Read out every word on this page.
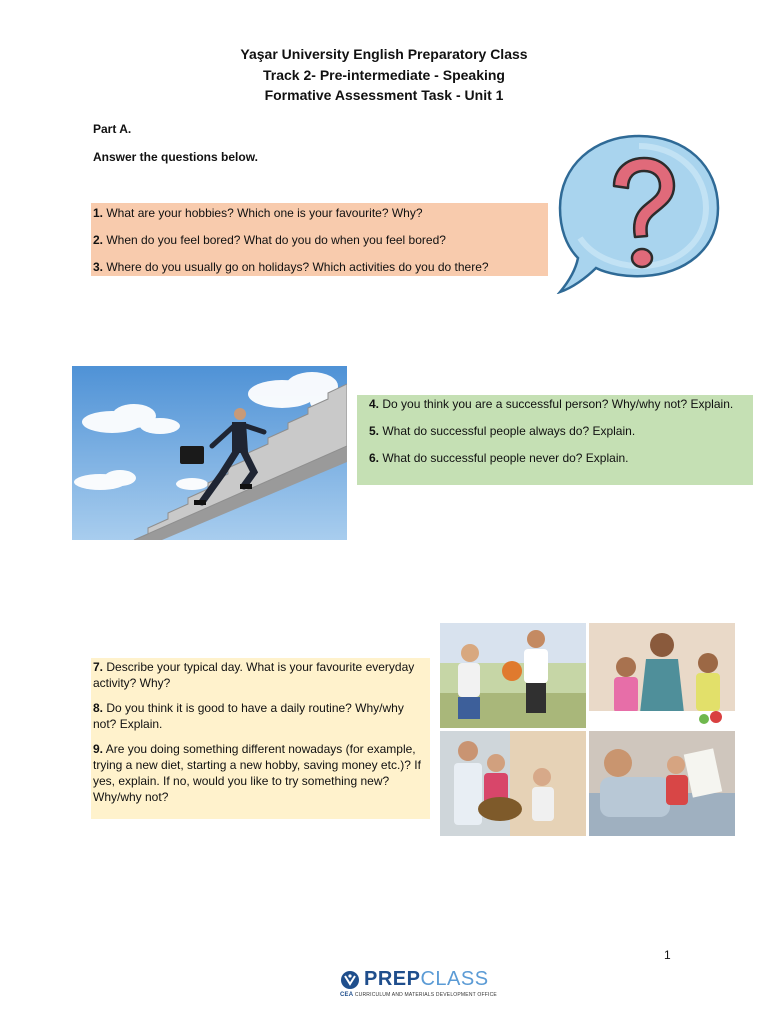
Yaşar University English Preparatory Class
Track 2- Pre-intermediate - Speaking
Formative Assessment Task - Unit 1
Part A.
Answer the questions below.

1. What are your hobbies? Which one is your favourite? Why?

2. When do you feel bored? What do you do when you feel bored?

3. Where do you usually go on holidays? Which activities do you do there?

4. Do you think you are a successful person? Why/why not? Explain.

5. What do successful people always do? Explain.

6. What do successful people never do? Explain.

7. Describe your typical day. What is your favourite everyday activity? Why?

8. Do you think it is good to have a daily routine? Why/why not? Explain.

9. Are you doing something different nowadays (for example, trying a new diet, starting a new hobby, saving money etc.)? If yes, explain. If no, would you like to try something new? Why/why not?

1
PREPCLASS
CEA CURRICULUM AND MATERIALS DEVELOPMENT OFFICE
